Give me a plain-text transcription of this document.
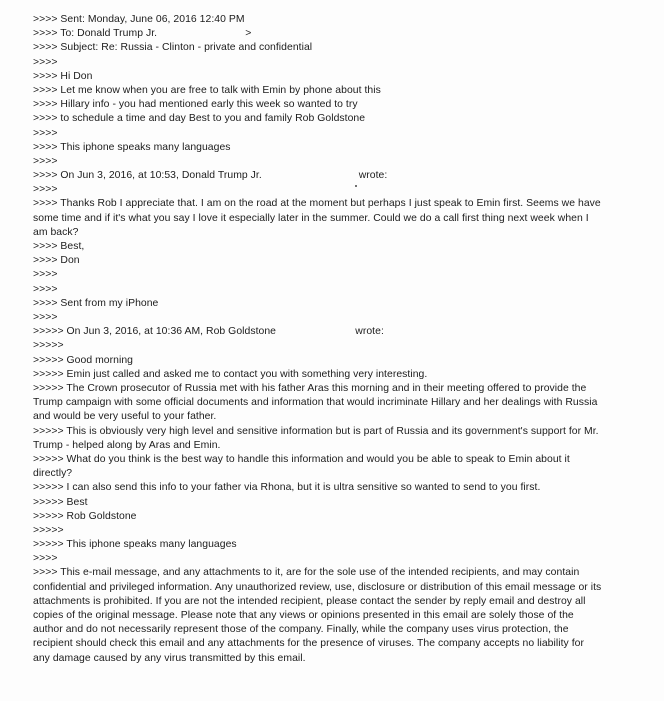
>>>> Sent: Monday, June 06, 2016 12:40 PM
>>>> To: Donald Trump Jr.                              >
>>>> Subject: Re: Russia - Clinton - private and confidential
>>>>
>>>> Hi Don
>>>> Let me know when you are free to talk with Emin by phone about this
>>>> Hillary info - you had mentioned early this week so wanted to try
>>>> to schedule a time and day Best to you and family Rob Goldstone
>>>>
>>>> This iphone speaks many languages
>>>>
>>>> On Jun 3, 2016, at 10:53, Donald Trump Jr.                                 wrote:
>>>>
>>>> Thanks Rob I appreciate that. I am on the road at the moment but perhaps I just speak to Emin first. Seems we have some time and if it's what you say I love it especially later in the summer. Could we do a call first thing next week when I am back?
>>>> Best,
>>>> Don
>>>>
>>>>
>>>> Sent from my iPhone
>>>>
>>>>> On Jun 3, 2016, at 10:36 AM, Rob Goldstone                           wrote:
>>>>>
>>>>> Good morning
>>>>> Emin just called and asked me to contact you with something very interesting.
>>>>> The Crown prosecutor of Russia met with his father Aras this morning and in their meeting offered to provide the Trump campaign with some official documents and information that would incriminate Hillary and her dealings with Russia and would be very useful to your father.
>>>>> This is obviously very high level and sensitive information but is part of Russia and its government's support for Mr. Trump - helped along by Aras and Emin.
>>>>> What do you think is the best way to handle this information and would you be able to speak to Emin about it directly?
>>>>> I can also send this info to your father via Rhona, but it is ultra sensitive so wanted to send to you first.
>>>>> Best
>>>>> Rob Goldstone
>>>>>
>>>>> This iphone speaks many languages
>>>>
>>>> This e-mail message, and any attachments to it, are for the sole use of the intended recipients, and may contain confidential and privileged information. Any unauthorized review, use, disclosure or distribution of this email message or its attachments is prohibited. If you are not the intended recipient, please contact the sender by reply email and destroy all copies of the original message. Please note that any views or opinions presented in this email are solely those of the author and do not necessarily represent those of the company. Finally, while the company uses virus protection, the recipient should check this email and any attachments for the presence of viruses. The company accepts no liability for any damage caused by any virus transmitted by this email.
